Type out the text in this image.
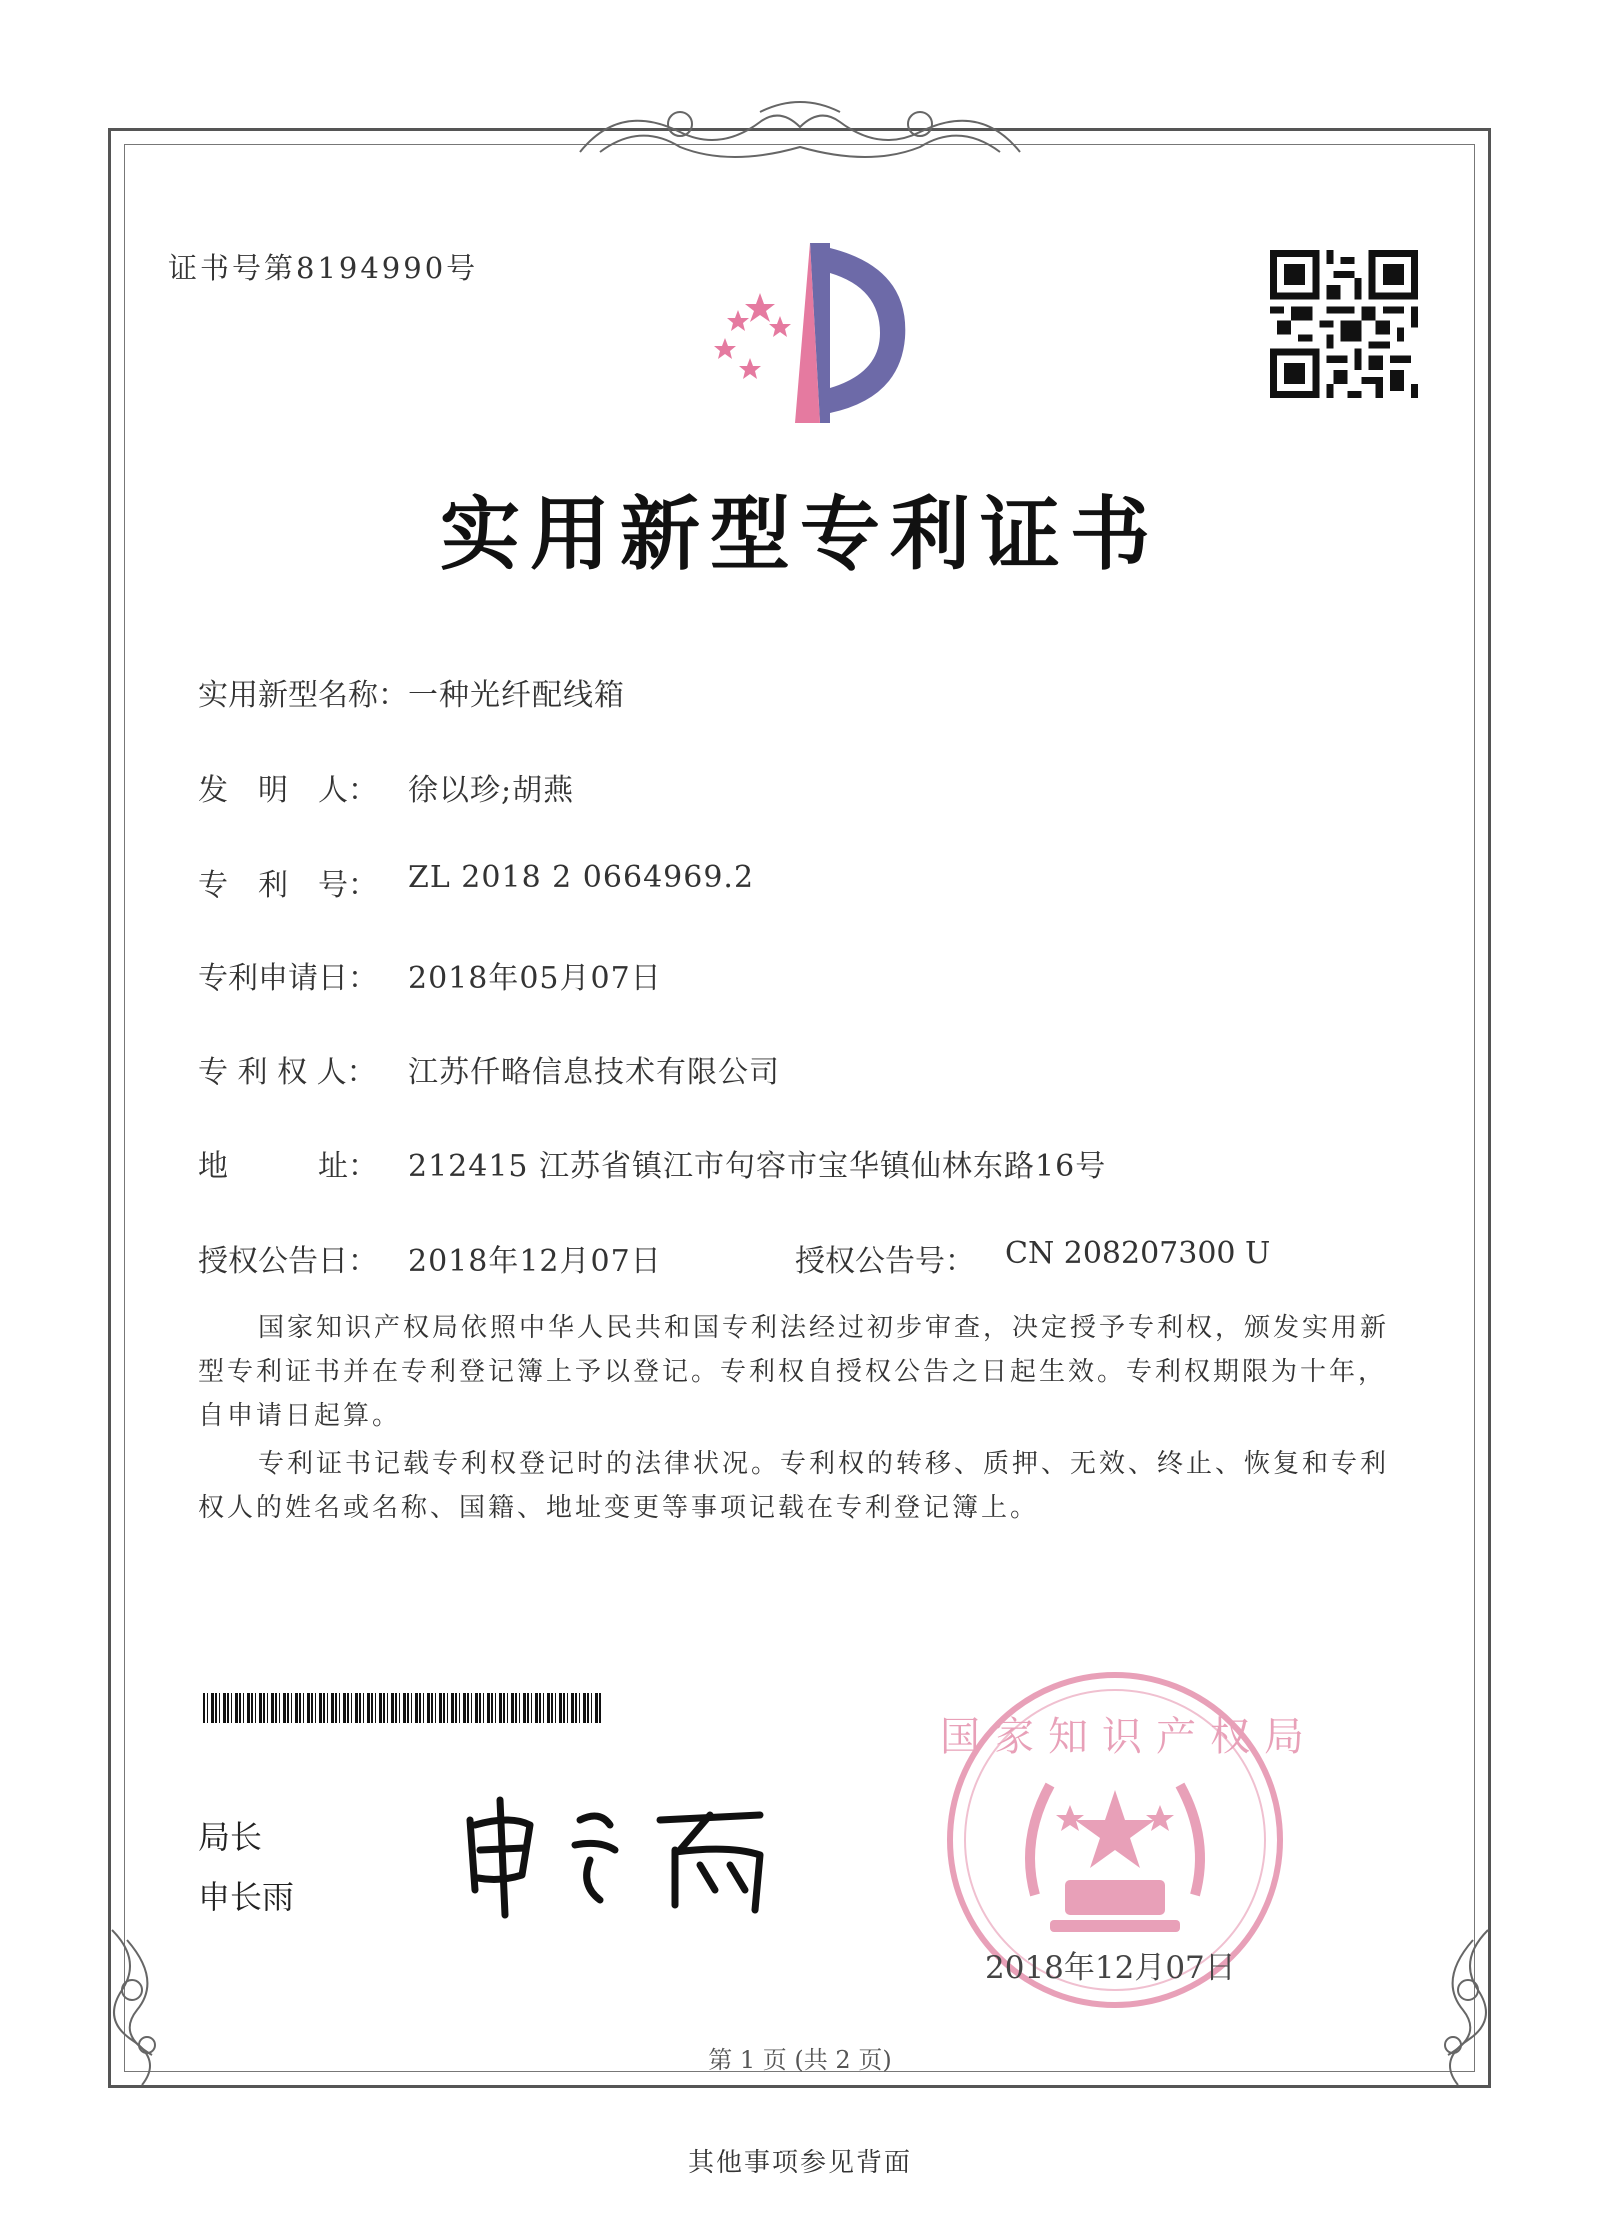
证书号第8194990号
实用新型专利证书
实用新型名称： 一种光纤配线箱
发　明　人：	徐以珍;胡燕
专　利　号：	ZL 2018 2 0664969.2
专利申请日：	2018年05月07日
专 利 权 人：	江苏仟略信息技术有限公司
地　　　址：	212415 江苏省镇江市句容市宝华镇仙林东路16号
授权公告日：	2018年12月07日	授权公告号：	CN 208207300 U
国家知识产权局依照中华人民共和国专利法经过初步审查，决定授予专利权，颁发实用新型专利证书并在专利登记簿上予以登记。专利权自授权公告之日起生效。专利权期限为十年，自申请日起算。
专利证书记载专利权登记时的法律状况。专利权的转移、质押、无效、终止、恢复和专利权人的姓名或名称、国籍、地址变更等事项记载在专利登记簿上。
局长
申长雨
国家知识产权局
2018年12月07日
第 1 页 (共 2 页)
其他事项参见背面
